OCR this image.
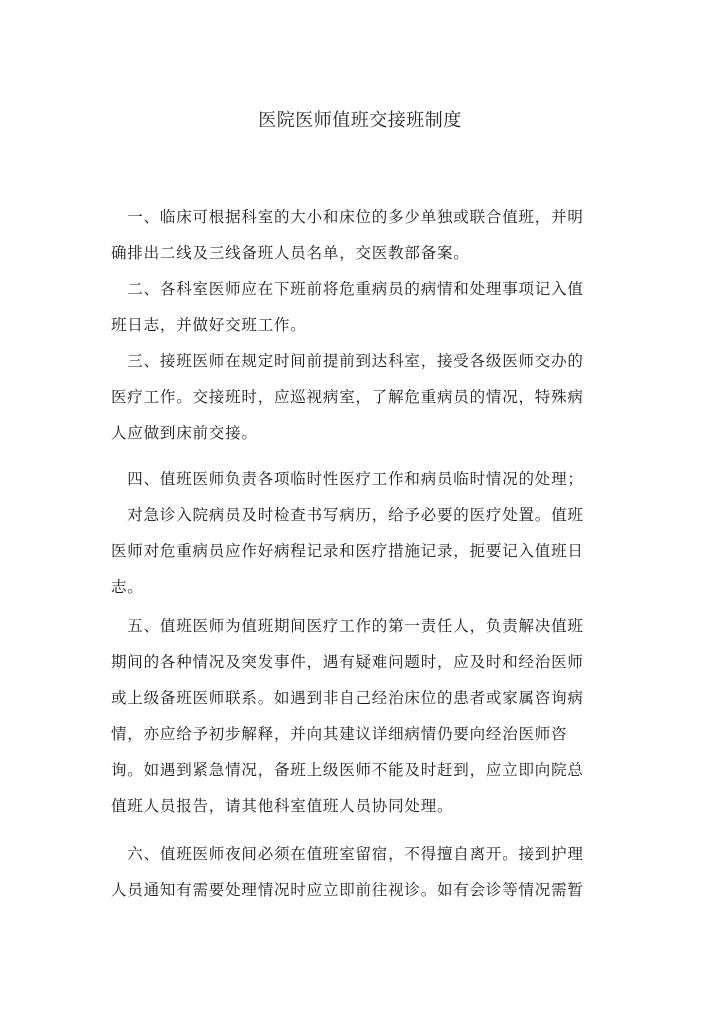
医院医师值班交接班制度
　一、临床可根据科室的大小和床位的多少单独或联合值班，并明
确排出二线及三线备班人员名单，交医教部备案。
　二、各科室医师应在下班前将危重病员的病情和处理事项记入值
班日志，并做好交班工作。
　三、接班医师在规定时间前提前到达科室，接受各级医师交办的
医疗工作。交接班时，应巡视病室，了解危重病员的情况，特殊病
人应做到床前交接。
　四、值班医师负责各项临时性医疗工作和病员临时情况的处理；
　对急诊入院病员及时检查书写病历，给予必要的医疗处置。值班
医师对危重病员应作好病程记录和医疗措施记录，扼要记入值班日
志。
　五、值班医师为值班期间医疗工作的第一责任人，负责解决值班
期间的各种情况及突发事件，遇有疑难问题时，应及时和经治医师
或上级备班医师联系。如遇到非自己经治床位的患者或家属咨询病
情，亦应给予初步解释，并向其建议详细病情仍要向经治医师咨
询。如遇到紧急情况，备班上级医师不能及时赶到，应立即向院总
值班人员报告，请其他科室值班人员协同处理。
　六、值班医师夜间必须在值班室留宿，不得擅自离开。接到护理
人员通知有需要处理情况时应立即前往视诊。如有会诊等情况需暂
